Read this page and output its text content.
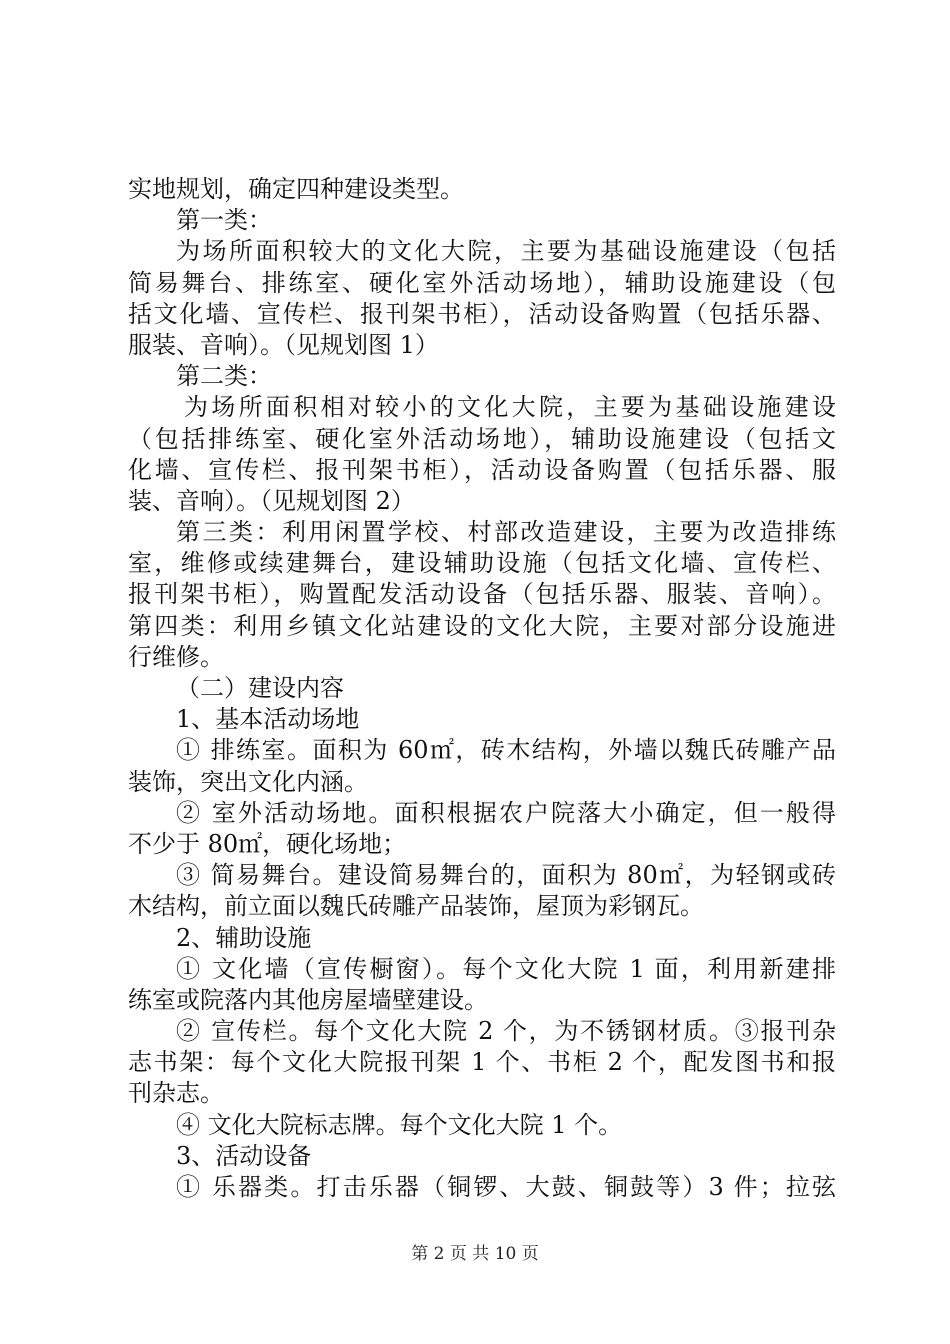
实地规划，确定四种建设类型。
第一类：
为场所面积较大的文化大院，主要为基础设施建设（包括
简易舞台、排练室、硬化室外活动场地），辅助设施建设（包
括文化墙、宣传栏、报刊架书柜），活动设备购置（包括乐器、
服装、音响）。（见规划图 1）
第二类：
为场所面积相对较小的文化大院，主要为基础设施建设
（包括排练室、硬化室外活动场地），辅助设施建设（包括文
化墙、宣传栏、报刊架书柜），活动设备购置（包括乐器、服
装、音响）。（见规划图 2）
第三类：利用闲置学校、村部改造建设，主要为改造排练
室，维修或续建舞台，建设辅助设施（包括文化墙、宣传栏、
报刊架书柜），购置配发活动设备（包括乐器、服装、音响）。
第四类：利用乡镇文化站建设的文化大院，主要对部分设施进
行维修。
（二）建设内容
1、基本活动场地
① 排练室。面积为 60㎡，砖木结构，外墙以魏氏砖雕产品
装饰，突出文化内涵。
② 室外活动场地。面积根据农户院落大小确定，但一般得
不少于 80㎡，硬化场地；
③ 简易舞台。建设简易舞台的，面积为 80㎡，为轻钢或砖
木结构，前立面以魏氏砖雕产品装饰，屋顶为彩钢瓦。
2、辅助设施
① 文化墙（宣传橱窗）。每个文化大院 1 面，利用新建排
练室或院落内其他房屋墙壁建设。
② 宣传栏。每个文化大院 2 个，为不锈钢材质。③报刊杂
志书架：每个文化大院报刊架 1 个、书柜 2 个，配发图书和报
刊杂志。
④ 文化大院标志牌。每个文化大院 1 个。
3、活动设备
① 乐器类。打击乐器（铜锣、大鼓、铜鼓等）3 件；拉弦
第 2 页 共 10 页
